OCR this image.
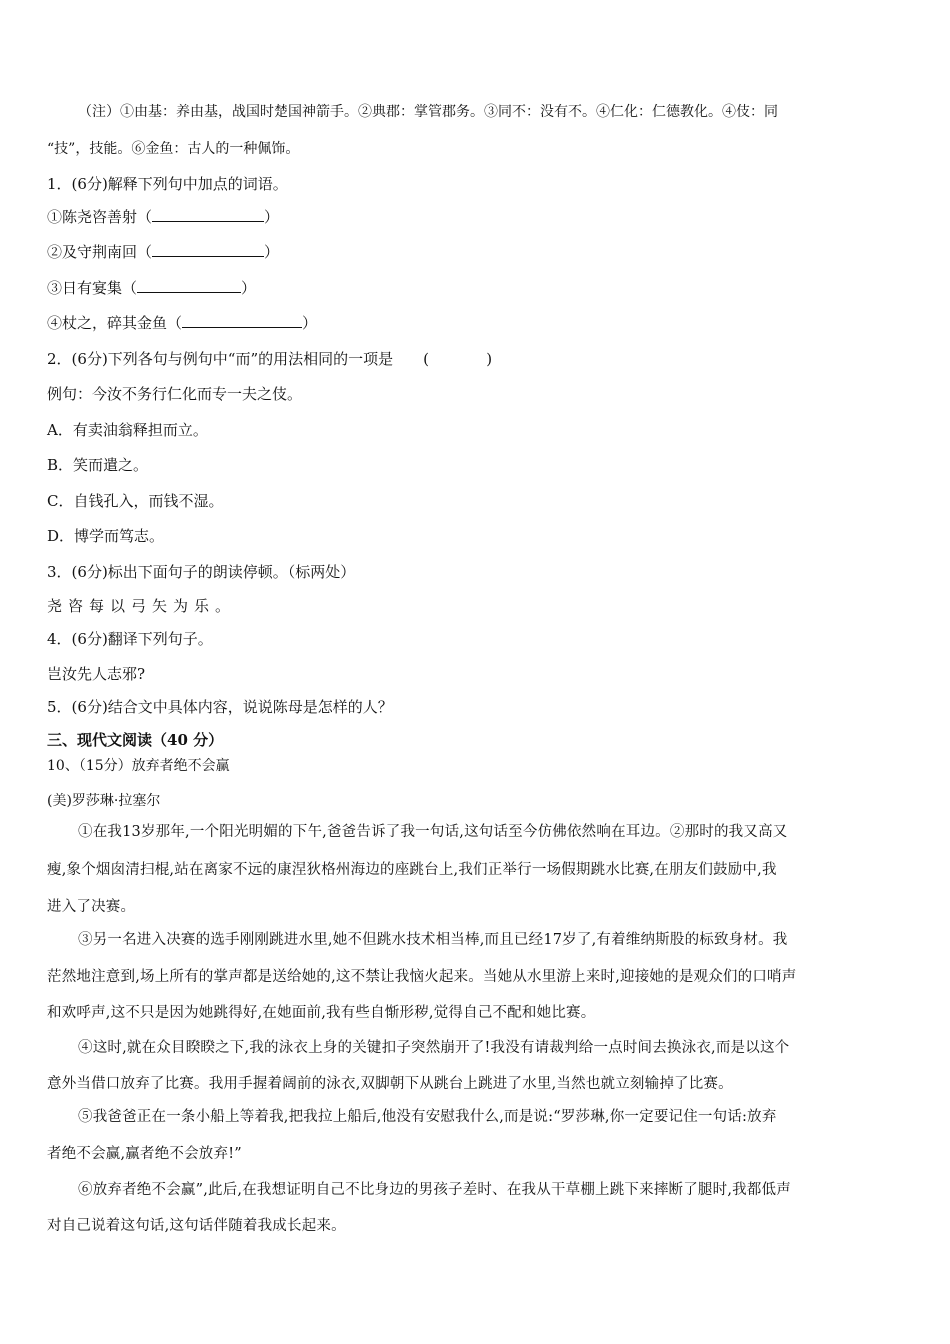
（注）①由基：养由基，战国时楚国神箭手。②典郡：掌管郡务。③同不：没有不。④仁化：仁德教化。④伎：同
“技”，技能。⑥金鱼：古人的一种佩饰。
1．(6分)解释下列句中加点的词语。
①陈尧咨善射（	）
②及守荆南回（	）
③日有宴集（	）
④杖之，碎其金鱼（	）
2．(6分)下列各句与例句中“而”的用法相同的一项是 (            )
例句：今汝不务行仁化而专一夫之伎。
A．有卖油翁释担而立。
B．笑而遣之。
C．自钱孔入，而钱不湿。
D．博学而笃志。
3．(6分)标出下面句子的朗读停顿。（标两处）
尧咨每以弓矢为乐。
4．(6分)翻译下列句子。
岂汝先人志邪?
5．(6分)结合文中具体内容，说说陈母是怎样的人？
三、现代文阅读（40 分）
10、（15分）放弃者绝不会赢
(美)罗莎琳·拉塞尔
①在我13岁那年,一个阳光明媚的下午,爸爸告诉了我一句话,这句话至今仿佛依然响在耳边。②那时的我又高又
瘦,象个烟囱清扫棍,站在离家不远的康涅狄格州海边的座跳台上,我们正举行一场假期跳水比赛,在朋友们鼓励中,我
进入了决赛。
③另一名进入决赛的选手刚刚跳进水里,她不但跳水技术相当棒,而且已经17岁了,有着维纳斯股的标致身材。我
茫然地注意到,场上所有的掌声都是送给她的,这不禁让我恼火起来。当她从水里游上来时,迎接她的是观众们的口哨声
和欢呼声,这不只是因为她跳得好,在她面前,我有些自惭形秽,觉得自己不配和她比赛。
④这时,就在众目睽睽之下,我的泳衣上身的关键扣子突然崩开了!我没有请裁判给一点时间去换泳衣,而是以这个
意外当借口放弃了比赛。我用手握着阔前的泳衣,双脚朝下从跳台上跳进了水里,当然也就立刻输掉了比赛。
⑤我爸爸正在一条小船上等着我,把我拉上船后,他没有安慰我什么,而是说:“罗莎琳,你一定要记住一句话:放弃
者绝不会赢,赢者绝不会放弃!”
⑥放弃者绝不会赢”,此后,在我想证明自己不比身边的男孩子差时、在我从干草棚上跳下来摔断了腿时,我都低声
对自己说着这句话,这句话伴随着我成长起来。
